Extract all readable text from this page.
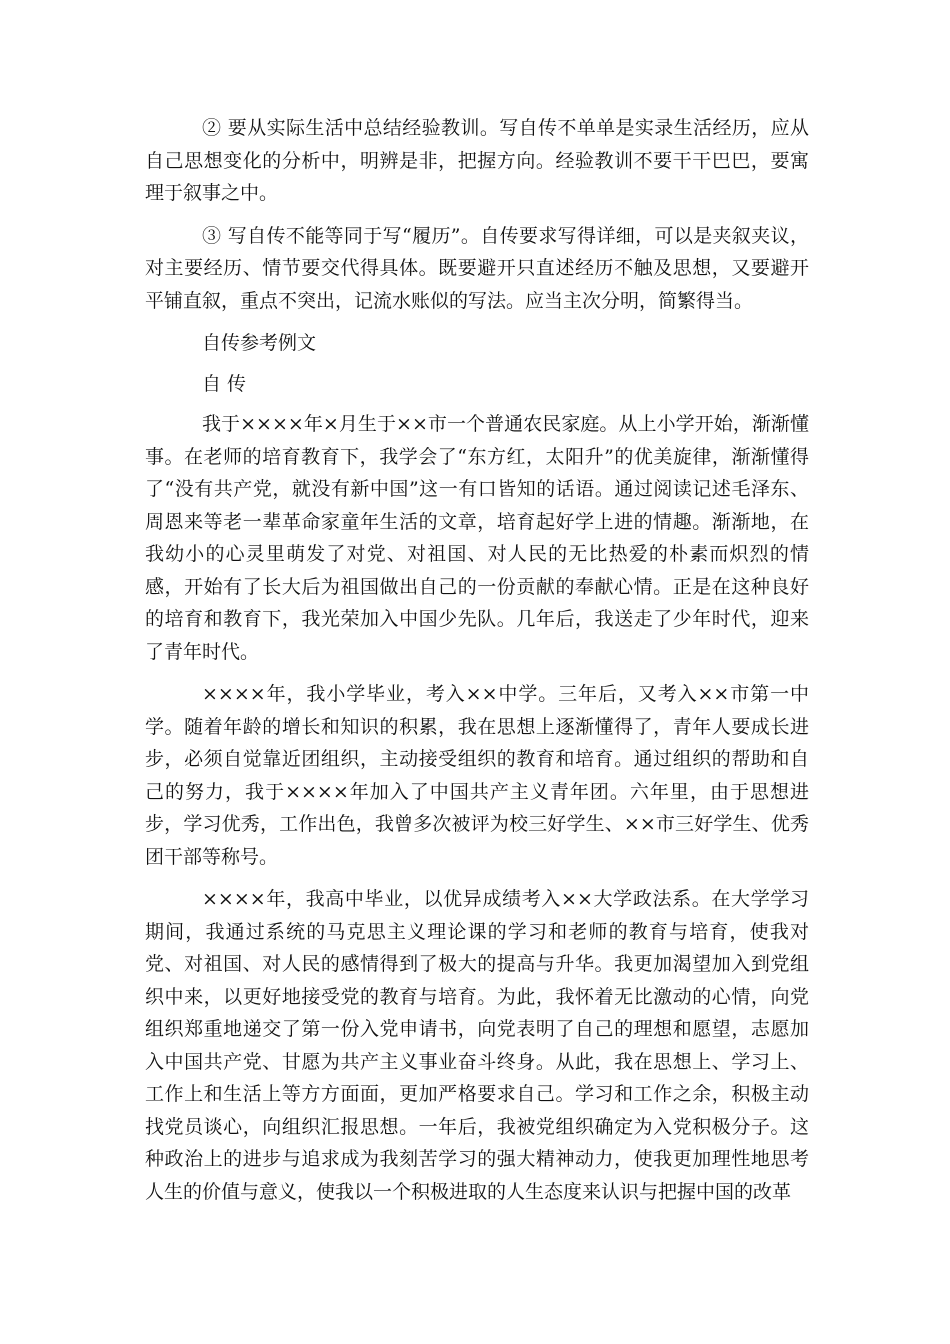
② 要从实际生活中总结经验教训。写自传不单单是实录生活经历，应从自己思想变化的分析中，明辨是非，把握方向。经验教训不要干干巴巴，要寓理于叙事之中。

③ 写自传不能等同于写“履历”。自传要求写得详细，可以是夹叙夹议，对主要经历、情节要交代得具体。既要避开只直述经历不触及思想，又要避开平铺直叙，重点不突出，记流水账似的写法。应当主次分明，简繁得当。

自传参考例文

自 传

我于××××年×月生于××市一个普通农民家庭。从上小学开始，渐渐懂事。在老师的培育教育下，我学会了“东方红，太阳升”的优美旋律，渐渐懂得了“没有共产党，就没有新中国”这一有口皆知的话语。通过阅读记述毛泽东、周恩来等老一辈革命家童年生活的文章，培育起好学上进的情趣。渐渐地，在我幼小的心灵里萌发了对党、对祖国、对人民的无比热爱的朴素而炽烈的情感，开始有了长大后为祖国做出自己的一份贡献的奉献心情。正是在这种良好的培育和教育下，我光荣加入中国少先队。几年后，我送走了少年时代，迎来了青年时代。

××××年，我小学毕业，考入××中学。三年后，又考入××市第一中学。随着年龄的增长和知识的积累，我在思想上逐渐懂得了，青年人要成长进步，必须自觉靠近团组织，主动接受组织的教育和培育。通过组织的帮助和自己的努力，我于××××年加入了中国共产主义青年团。六年里，由于思想进步，学习优秀，工作出色，我曾多次被评为校三好学生、××市三好学生、优秀团干部等称号。

××××年，我高中毕业，以优异成绩考入××大学政法系。在大学学习期间，我通过系统的马克思主义理论课的学习和老师的教育与培育，使我对党、对祖国、对人民的感情得到了极大的提高与升华。我更加渴望加入到党组织中来，以更好地接受党的教育与培育。为此，我怀着无比激动的心情，向党组织郑重地递交了第一份入党申请书，向党表明了自己的理想和愿望，志愿加入中国共产党、甘愿为共产主义事业奋斗终身。从此，我在思想上、学习上、工作上和生活上等方方面面，更加严格要求自己。学习和工作之余，积极主动找党员谈心，向组织汇报思想。一年后，我被党组织确定为入党积极分子。这种政治上的进步与追求成为我刻苦学习的强大精神动力，使我更加理性地思考人生的价值与意义，使我以一个积极进取的人生态度来认识与把握中国的改革
